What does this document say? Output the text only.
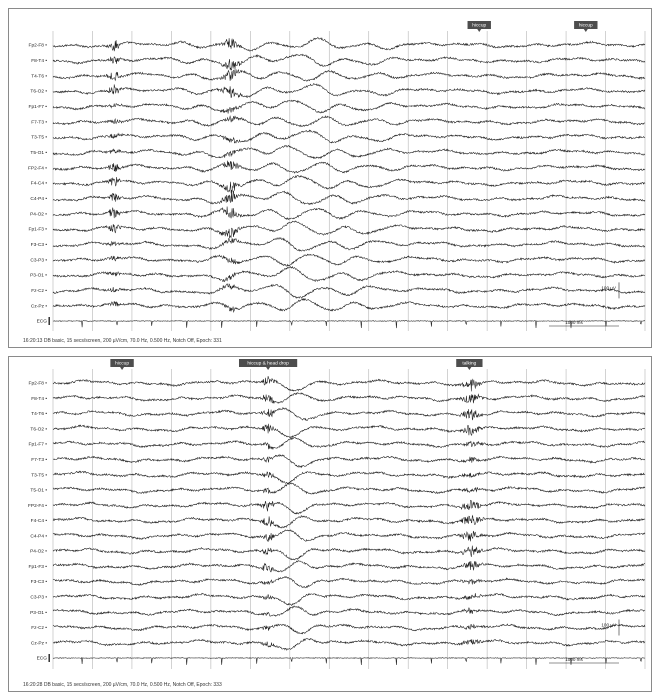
hiccup	hiccup
Fp2-F8 •
F8-T4 •
T4-T6 •
T6-O2 •
Fp1-F7 •
F7-T3 •
T3-T5 •
T5-O1 •
FP2-F4 •
F4-C4 •
C4-P4 •
P4-O2 •
Fp1-F3 •
F3-C3 •
C3-P3 •
P3-O1 •
Fz-Cz •
Cz-Pz •
ECG
100 µV
1000 ms
16:20:13 DB basic, 15 secs/screen, 200 µV/cm, 70.0 Hz, 0.500 Hz, Notch Off, Epoch: 331
hiccup	hiccup & head drop	talking
Fp2-F8 •
F8-T4 •
T4-T6 •
T6-O2 •
Fp1-F7 •
F7-T3 •
T3-T5 •
T5-O1 •
FP2-F4 •
F4-C4 •
C4-P4 •
P4-O2 •
Fp1-F3 •
F3-C3 •
C3-P3 •
P3-O1 •
Fz-Cz •
Cz-Pz •
ECG
100 µV
1000 ms
16:20:28 DB basic, 15 secs/screen, 200 µV/cm, 70.0 Hz, 0.500 Hz, Notch Off, Epoch: 333
